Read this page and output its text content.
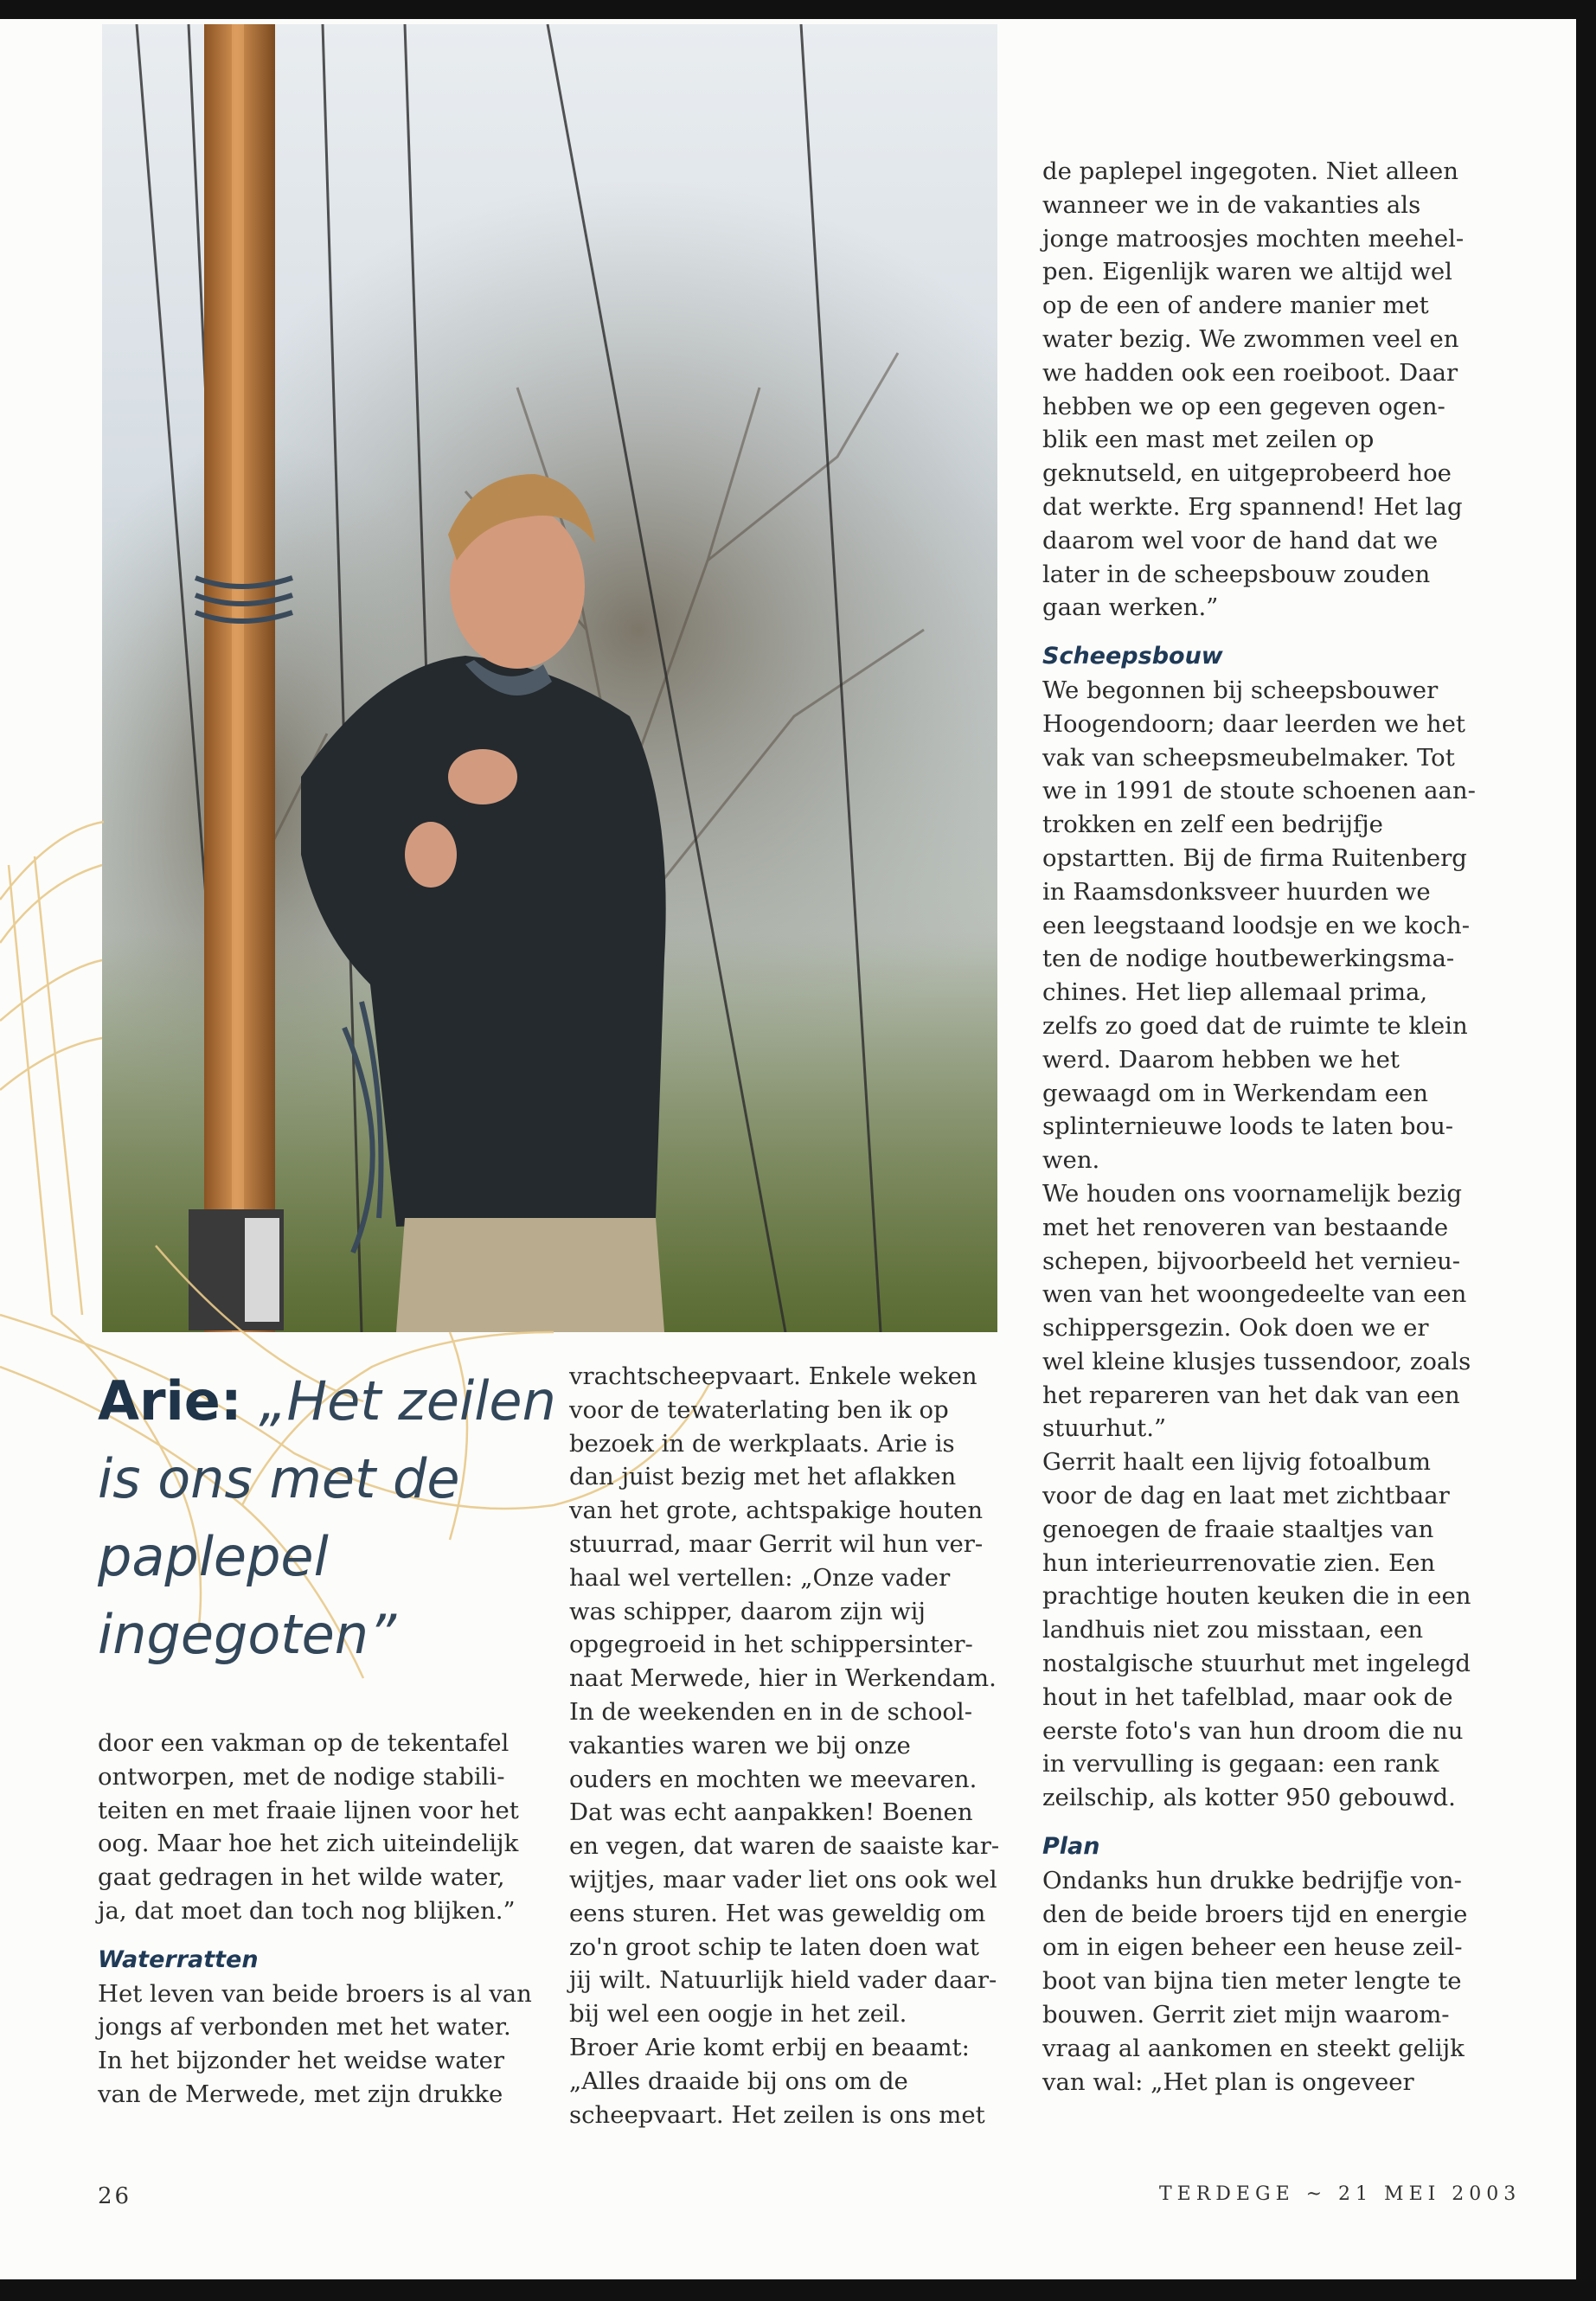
Arie: „Het zeilen
is ons met de
paplepel
ingegoten”
door een vakman op de tekentafel
ontworpen, met de nodige stabili-
teiten en met fraaie lijnen voor het
oog. Maar hoe het zich uiteindelijk
gaat gedragen in het wilde water,
ja, dat moet dan toch nog blijken.”
Waterratten
Het leven van beide broers is al van
jongs af verbonden met het water.
In het bijzonder het weidse water
van de Merwede, met zijn drukke
vrachtscheepvaart. Enkele weken
voor de tewaterlating ben ik op
bezoek in de werkplaats. Arie is
dan juist bezig met het aflakken
van het grote, achtspakige houten
stuurrad, maar Gerrit wil hun ver-
haal wel vertellen: „Onze vader
was schipper, daarom zijn wij
opgegroeid in het schippersinter-
naat Merwede, hier in Werkendam.
In de weekenden en in de school-
vakanties waren we bij onze
ouders en mochten we meevaren.
Dat was echt aanpakken! Boenen
en vegen, dat waren de saaiste kar-
wijtjes, maar vader liet ons ook wel
eens sturen. Het was geweldig om
zo'n groot schip te laten doen wat
jij wilt. Natuurlijk hield vader daar-
bij wel een oogje in het zeil.
Broer Arie komt erbij en beaamt:
„Alles draaide bij ons om de
scheepvaart. Het zeilen is ons met
de paplepel ingegoten. Niet alleen
wanneer we in de vakanties als
jonge matroosjes mochten meehel-
pen. Eigenlijk waren we altijd wel
op de een of andere manier met
water bezig. We zwommen veel en
we hadden ook een roeiboot. Daar
hebben we op een gegeven ogen-
blik een mast met zeilen op
geknutseld, en uitgeprobeerd hoe
dat werkte. Erg spannend! Het lag
daarom wel voor de hand dat we
later in de scheepsbouw zouden
gaan werken.”
Scheepsbouw
We begonnen bij scheepsbouwer
Hoogendoorn; daar leerden we het
vak van scheepsmeubelmaker. Tot
we in 1991 de stoute schoenen aan-
trokken en zelf een bedrijfje
opstartten. Bij de firma Ruitenberg
in Raamsdonksveer huurden we
een leegstaand loodsje en we koch-
ten de nodige houtbewerkingsma-
chines. Het liep allemaal prima,
zelfs zo goed dat de ruimte te klein
werd. Daarom hebben we het
gewaagd om in Werkendam een
splinternieuwe loods te laten bou-
wen.
We houden ons voornamelijk bezig
met het renoveren van bestaande
schepen, bijvoorbeeld het vernieu-
wen van het woongedeelte van een
schippersgezin. Ook doen we er
wel kleine klusjes tussendoor, zoals
het repareren van het dak van een
stuurhut.”
Gerrit haalt een lijvig fotoalbum
voor de dag en laat met zichtbaar
genoegen de fraaie staaltjes van
hun interieurrenovatie zien. Een
prachtige houten keuken die in een
landhuis niet zou misstaan, een
nostalgische stuurhut met ingelegd
hout in het tafelblad, maar ook de
eerste foto's van hun droom die nu
in vervulling is gegaan: een rank
zeilschip, als kotter 950 gebouwd.
Plan
Ondanks hun drukke bedrijfje von-
den de beide broers tijd en energie
om in eigen beheer een heuse zeil-
boot van bijna tien meter lengte te
bouwen. Gerrit ziet mijn waarom-
vraag al aankomen en steekt gelijk
van wal: „Het plan is ongeveer
26	TERDEGE ~ 21 MEI 2003
